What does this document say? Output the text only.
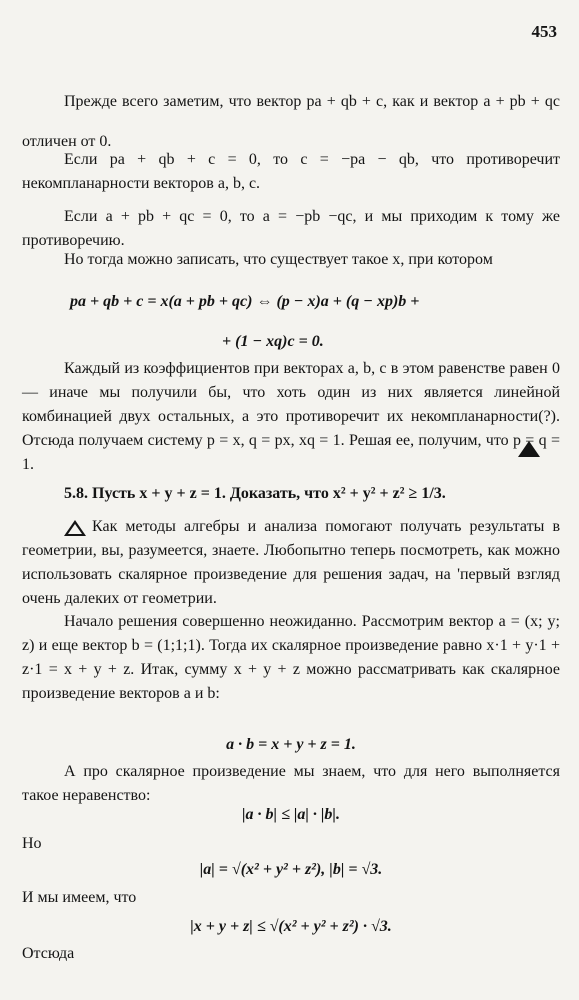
453
Прежде всего заметим, что вектор pa + qb + c, как и вектор a + pb + qc отличен от 0.
Если pa + qb + c = 0, то c = −pa − qb, что противоречит некомпланарности векторов a, b, c.
Если a + pb + qc = 0, то a = −pb −qc, и мы приходим к тому же противоречию.
Но тогда можно записать, что существует такое x, при котором
pa + qb + c = x(a + pb + qc) ⇔ (p − x)a + (q − xp)b +
+ (1 − xq)c = 0.
Каждый из коэффициентов при векторах a, b, c в этом равенстве равен 0 — иначе мы получили бы, что хоть один из них является линейной комбинацией двух остальных, а это противоречит их некомпланарности(?). Отсюда получаем систему p = x, q = px, xq = 1. Решая ее, получим, что p = q = 1.
5.8. Пусть x + y + z = 1. Доказать, что x² + y² + z² ≥ 1/3.
Как методы алгебры и анализа помогают получать результаты в геометрии, вы, разумеется, знаете. Любопытно теперь посмотреть, как можно использовать скалярное произведение для решения задач, на 'первый взгляд очень далеких от геометрии.
Начало решения совершенно неожиданно. Рассмотрим вектор a = (x; y; z) и еще вектор b = (1;1;1). Тогда их скалярное произведение равно x·1 + y·1 + z·1 = x + y + z. Итак, сумму x + y + z можно рассматривать как скалярное произведение векторов a и b:
a · b = x + y + z = 1.
А про скалярное произведение мы знаем, что для него выполняется такое неравенство:
|a · b| ≤ |a| · |b|.
Но
|a| = √(x² + y² + z²), |b| = √3.
И мы имеем, что
|x + y + z| ≤ √(x² + y² + z²) · √3.
Отсюда
